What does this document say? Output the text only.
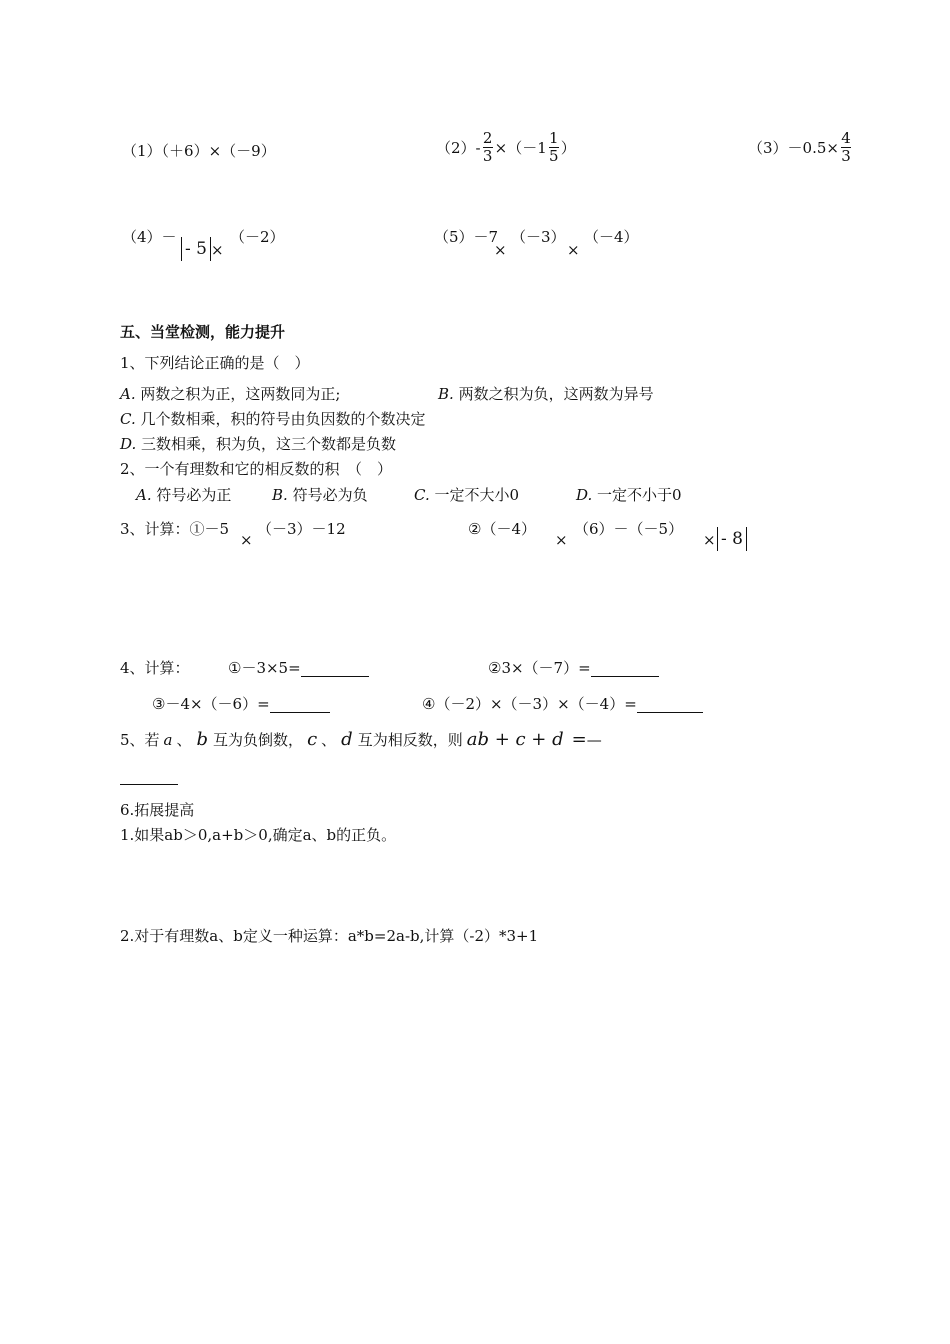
（1）（＋6）×（－9）	$(2)- \frac{2}{3} \times(-1 \frac{1}{5}$ ）	$(3)-0.5\times \frac{4}{3}$
（4）－
- 5 ×
（－2）	（5）－7
×
（－3）
×
（－4）
五、当堂检测，能力提升
1、下列结论正确的是（　）
A. 两数之积为正，这两数同为正;	B. 两数之积为负，这两数为异号
C. 几个数相乘，积的符号由负因数的个数决定
D. 三数相乘，积为负，这三个数都是负数
2、一个有理数和它的相反数的积　（　）
A. 符号必为正	B. 符号必为负	C. 一定不大小0	D. 一定不小于0
3、计算：①－5
×
（－3）－12	②（－4）
×
（6）－（－5）
× - 8
4、计算：	①－3×5=	②3×（－7）=
③－4×（－6）=	④（－2）×（－3）×（－4）=
5、若 a 、 b 互为负倒数， c 、 d 互为相反数，则 ab + c + d = —
6.拓展提高
1.如果ab＞0,a+b＞0,确定a、b的正负。
2.对于有理数a、b定义一种运算：a*b=2a-b,计算（-2）*3+1
